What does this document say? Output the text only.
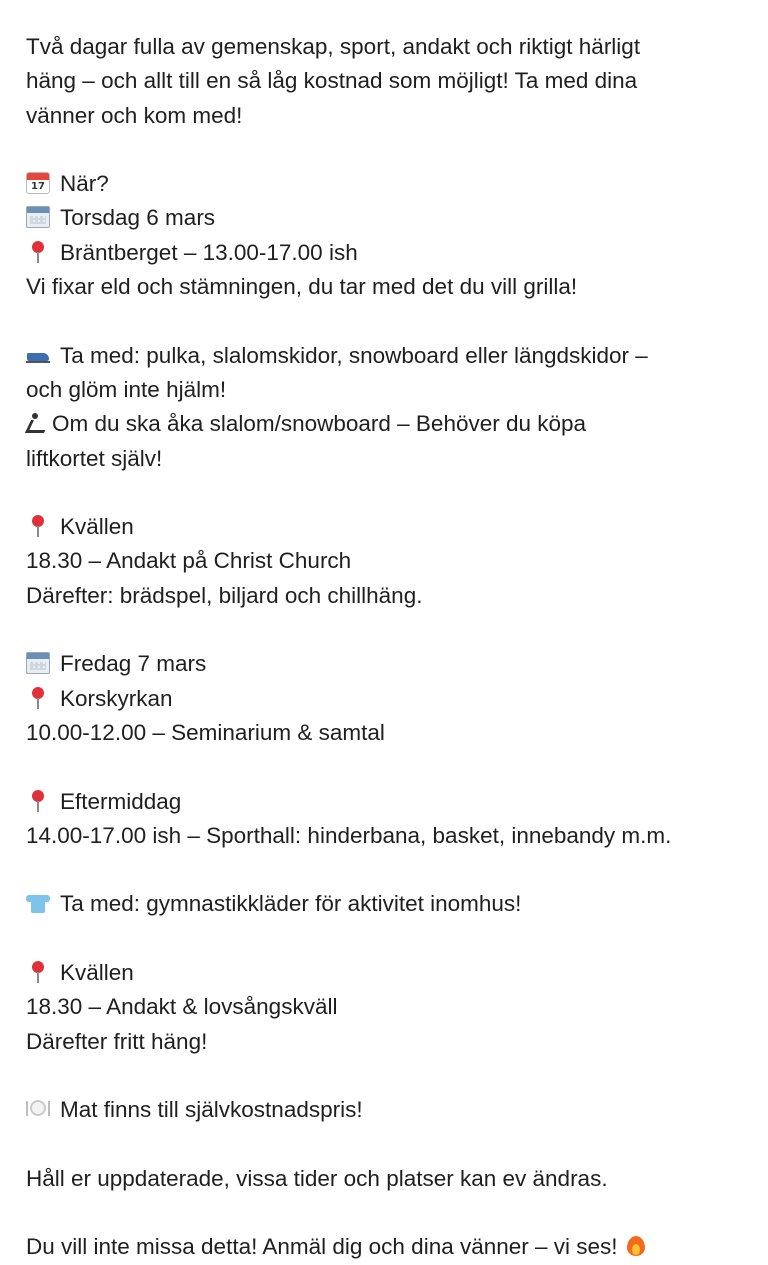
Två dagar fulla av gemenskap, sport, andakt och riktigt härligt
häng – och allt till en så låg kostnad som möjligt! Ta med dina
vänner och kom med!
17 När?
Torsdag 6 mars
Bräntberget – 13.00-17.00 ish
Vi fixar eld och stämningen, du tar med det du vill grilla!
Ta med: pulka, slalomskidor, snowboard eller längdskidor –
och glöm inte hjälm!
Om du ska åka slalom/snowboard – Behöver du köpa
liftkortet själv!
Kvällen
18.30 – Andakt på Christ Church
Därefter: brädspel, biljard och chillhäng.
Fredag 7 mars
Korskyrkan
10.00-12.00 – Seminarium & samtal
Eftermiddag
14.00-17.00 ish – Sporthall: hinderbana, basket, innebandy m.m.
Ta med: gymnastikkläder för aktivitet inomhus!
Kvällen
18.30 – Andakt & lovsångskväll
Därefter fritt häng!
Mat finns till självkostnadspris!
Håll er uppdaterade, vissa tider och platser kan ev ändras.
Du vill inte missa detta! Anmäl dig och dina vänner – vi ses!
